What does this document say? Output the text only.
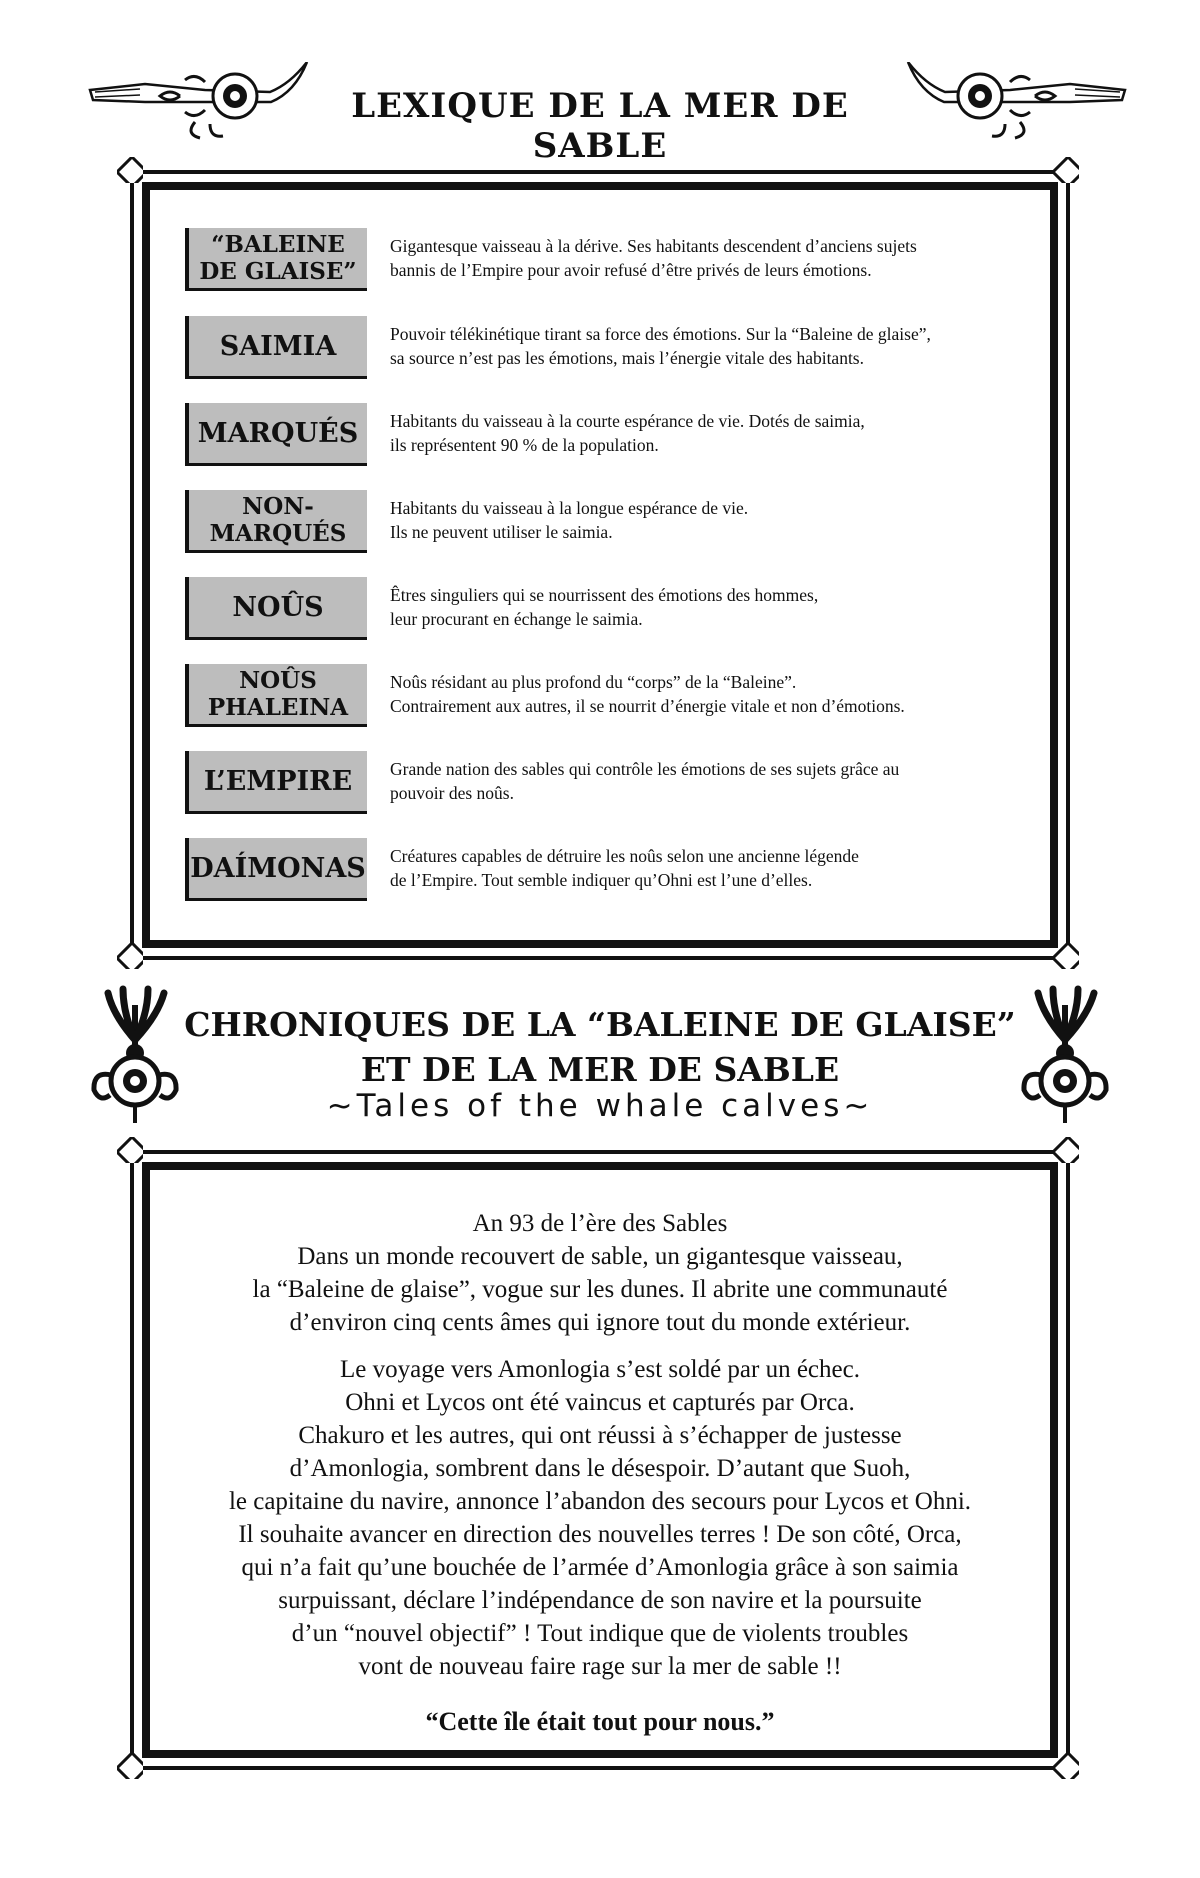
LEXIQUE DE LA MER DE SABLE
“BALEINE
DE GLAISE”
Gigantesque vaisseau à la dérive. Ses habitants descendent d’anciens sujets
bannis de l’Empire pour avoir refusé d’être privés de leurs émotions.
SAIMIA	Pouvoir télékinétique tirant sa force des émotions. Sur la “Baleine de glaise”,
sa source n’est pas les émotions, mais l’énergie vitale des habitants.
MARQUÉS Habitants du vaisseau à la courte espérance de vie. Dotés de saimia,
ils représentent 90 % de la population.
NON-
MARQUÉS
Habitants du vaisseau à la longue espérance de vie.
Ils ne peuvent utiliser le saimia.
NOÛS	Êtres singuliers qui se nourrissent des émotions des hommes,
leur procurant en échange le saimia.
NOÛS
PHALEINA
Noûs résidant au plus profond du “corps” de la “Baleine”.
Contrairement aux autres, il se nourrit d’énergie vitale et non d’émotions.
L’EMPIRE Grande nation des sables qui contrôle les émotions de ses sujets grâce au
pouvoir des noûs.
DAÍMONAS Créatures capables de détruire les noûs selon une ancienne légende
de l’Empire. Tout semble indiquer qu’Ohni est l’une d’elles.
CHRONIQUES DE LA “BALEINE DE GLAISE”
ET DE LA MER DE SABLE
~Tales of the whale calves~

An 93 de l’ère des Sables
Dans un monde recouvert de sable, un gigantesque vaisseau,
la “Baleine de glaise”, vogue sur les dunes. Il abrite une communauté
d’environ cinq cents âmes qui ignore tout du monde extérieur.

Le voyage vers Amonlogia s’est soldé par un échec.
Ohni et Lycos ont été vaincus et capturés par Orca.
Chakuro et les autres, qui ont réussi à s’échapper de justesse
d’Amonlogia, sombrent dans le désespoir. D’autant que Suoh,
le capitaine du navire, annonce l’abandon des secours pour Lycos et Ohni.
Il souhaite avancer en direction des nouvelles terres ! De son côté, Orca,
qui n’a fait qu’une bouchée de l’armée d’Amonlogia grâce à son saimia
surpuissant, déclare l’indépendance de son navire et la poursuite
d’un “nouvel objectif” ! Tout indique que de violents troubles
vont de nouveau faire rage sur la mer de sable !!

“Cette île était tout pour nous.”
